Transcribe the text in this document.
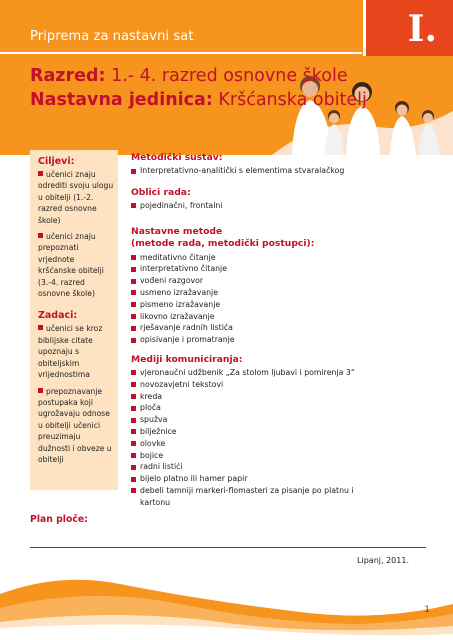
Priprema za nastavni sat	I.
Razred: 1.- 4. razred osnovne škole
Nastavna jedinica: Kršćanska obitelj
Ciljevi:
učenici znaju odrediti svoju ulogu u obitelji (1.-2. razred osnovne škole)
učenici znaju prepoznati vrjednote kršćanske obitelji (3.-4. razred osnovne škole)
Zadaci:
učenici se kroz biblijske citate upoznaju s obiteljskim vrijednostima
prepoznavanje postupaka koji ugrožavaju odnose u obitelji učenici preuzimaju dužnosti i obveze u obitelji
Metodički sustav:
Interpretativno-analitički s elementima stvaralačkog
Oblici rada:
pojedinačni, frontalni
Nastavne metode
(metode rada, metodički postupci):
meditativno čitanje
interpretativno čitanje
vođeni razgovor
usmeno izražavanje
pismeno izražavanje
likovno izražavanje
rješavanje radnih listića
opisivanje i promatranje
Mediji komuniciranja:
vjeronaučni udžbenik „Za stolom ljubavi i pomirenja 3“
novozavjetni tekstovi
kreda
ploča
spužva
bilježnice
olovke
bojice
radni listići
bijelo platno ili hamer papir
debeli tamniji markeri-flomasteri za pisanje po platnu i kartonu
Plan ploče:
Lipanj, 2011.
1
